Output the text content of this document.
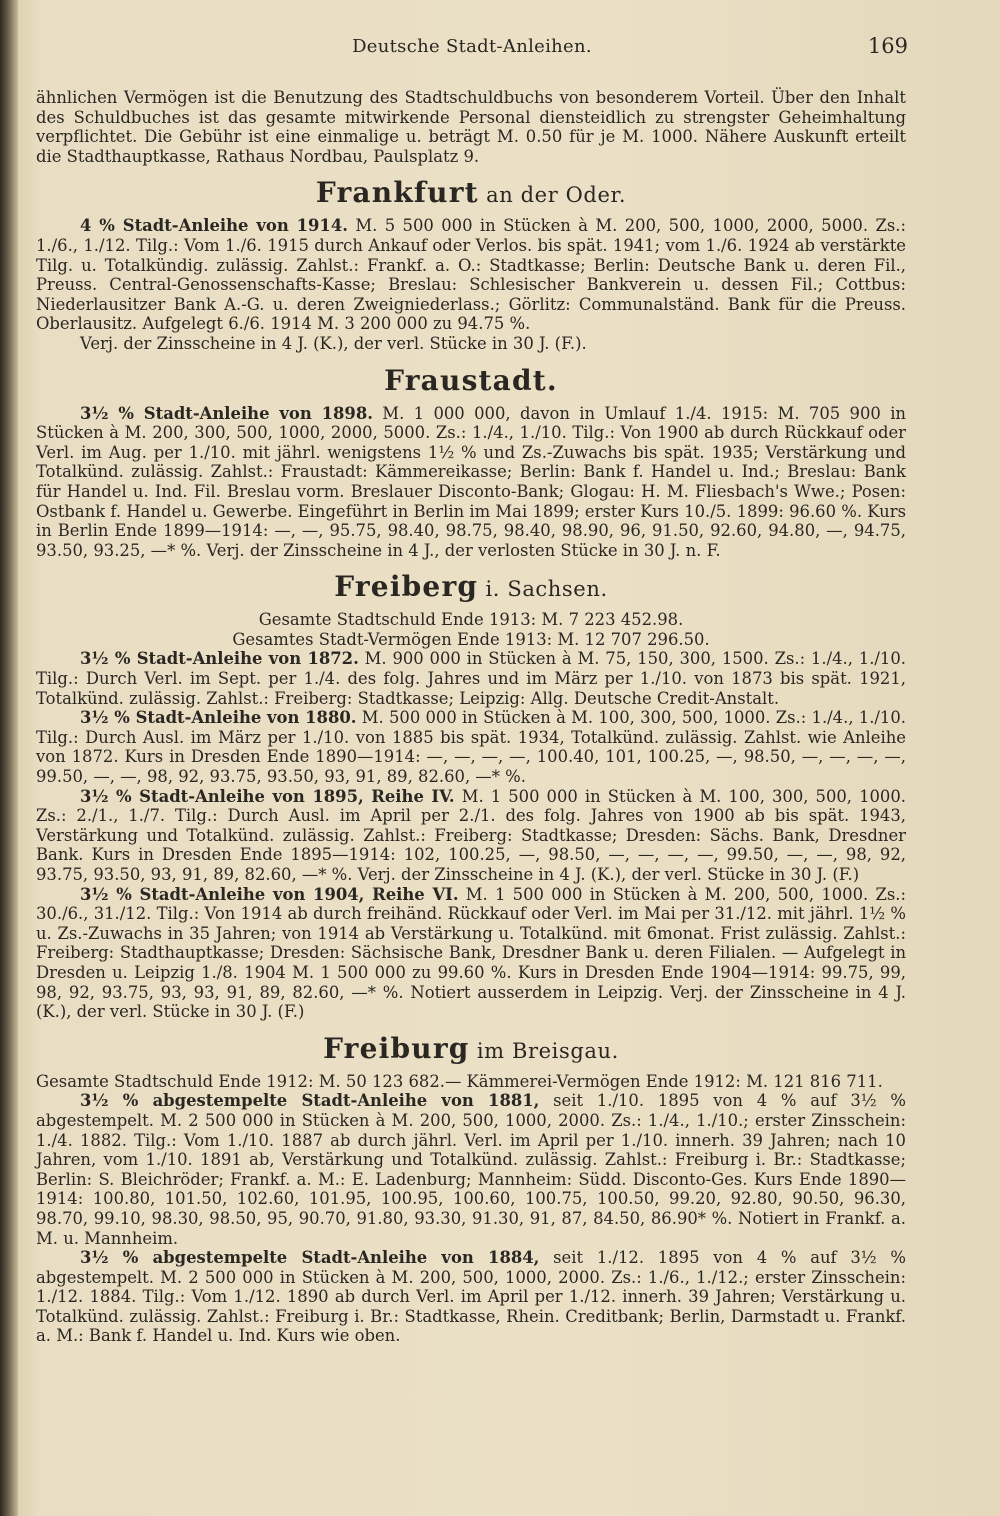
Deutsche Stadt-Anleihen.	169

ähnlichen Vermögen ist die Benutzung des Stadtschuldbuchs von besonderem Vorteil. Über den Inhalt des Schuldbuches ist das gesamte mitwirkende Personal diensteidlich zu strengster Geheimhaltung verpflichtet. Die Gebühr ist eine einmalige u. beträgt M. 0.50 für je M. 1000. Nähere Auskunft erteilt die Stadthauptkasse, Rathaus Nordbau, Paulsplatz 9.

Frankfurt an der Oder.

4 % Stadt-Anleihe von 1914. M. 5 500 000 in Stücken à M. 200, 500, 1000, 2000, 5000. Zs.: 1./6., 1./12. Tilg.: Vom 1./6. 1915 durch Ankauf oder Verlos. bis spät. 1941; vom 1./6. 1924 ab verstärkte Tilg. u. Totalkündig. zulässig. Zahlst.: Frankf. a. O.: Stadtkasse; Berlin: Deutsche Bank u. deren Fil., Preuss. Central-Genossenschafts-Kasse; Breslau: Schlesischer Bankverein u. dessen Fil.; Cottbus: Niederlausitzer Bank A.-G. u. deren Zweigniederlass.; Görlitz: Communalständ. Bank für die Preuss. Oberlausitz. Aufgelegt 6./6. 1914 M. 3 200 000 zu 94.75 %.

Verj. der Zinsscheine in 4 J. (K.), der verl. Stücke in 30 J. (F.).

Fraustadt.

3½ % Stadt-Anleihe von 1898. M. 1 000 000, davon in Umlauf 1./4. 1915: M. 705 900 in Stücken à M. 200, 300, 500, 1000, 2000, 5000. Zs.: 1./4., 1./10. Tilg.: Von 1900 ab durch Rückkauf oder Verl. im Aug. per 1./10. mit jährl. wenigstens 1½ % und Zs.-Zuwachs bis spät. 1935; Verstärkung und Totalkünd. zulässig. Zahlst.: Fraustadt: Kämmereikasse; Berlin: Bank f. Handel u. Ind.; Breslau: Bank für Handel u. Ind. Fil. Breslau vorm. Breslauer Disconto-Bank; Glogau: H. M. Fliesbach's Wwe.; Posen: Ostbank f. Handel u. Gewerbe. Eingeführt in Berlin im Mai 1899; erster Kurs 10./5. 1899: 96.60 %. Kurs in Berlin Ende 1899—1914: —, —, 95.75, 98.40, 98.75, 98.40, 98.90, 96, 91.50, 92.60, 94.80, —, 94.75, 93.50, 93.25, —* %. Verj. der Zinsscheine in 4 J., der verlosten Stücke in 30 J. n. F.

Freiberg i. Sachsen.

Gesamte Stadtschuld Ende 1913: M. 7 223 452.98.

Gesamtes Stadt-Vermögen Ende 1913: M. 12 707 296.50.

3½ % Stadt-Anleihe von 1872. M. 900 000 in Stücken à M. 75, 150, 300, 1500. Zs.: 1./4., 1./10. Tilg.: Durch Verl. im Sept. per 1./4. des folg. Jahres und im März per 1./10. von 1873 bis spät. 1921, Totalkünd. zulässig. Zahlst.: Freiberg: Stadtkasse; Leipzig: Allg. Deutsche Credit-Anstalt.

3½ % Stadt-Anleihe von 1880. M. 500 000 in Stücken à M. 100, 300, 500, 1000. Zs.: 1./4., 1./10. Tilg.: Durch Ausl. im März per 1./10. von 1885 bis spät. 1934, Totalkünd. zulässig. Zahlst. wie Anleihe von 1872. Kurs in Dresden Ende 1890—1914: —, —, —, —, 100.40, 101, 100.25, —, 98.50, —, —, —, —, 99.50, —, —, 98, 92, 93.75, 93.50, 93, 91, 89, 82.60, —* %.

3½ % Stadt-Anleihe von 1895, Reihe IV. M. 1 500 000 in Stücken à M. 100, 300, 500, 1000. Zs.: 2./1., 1./7. Tilg.: Durch Ausl. im April per 2./1. des folg. Jahres von 1900 ab bis spät. 1943, Verstärkung und Totalkünd. zulässig. Zahlst.: Freiberg: Stadtkasse; Dresden: Sächs. Bank, Dresdner Bank. Kurs in Dresden Ende 1895—1914: 102, 100.25, —, 98.50, —, —, —, —, 99.50, —, —, 98, 92, 93.75, 93.50, 93, 91, 89, 82.60, —* %. Verj. der Zinsscheine in 4 J. (K.), der verl. Stücke in 30 J. (F.)

3½ % Stadt-Anleihe von 1904, Reihe VI. M. 1 500 000 in Stücken à M. 200, 500, 1000. Zs.: 30./6., 31./12. Tilg.: Von 1914 ab durch freihänd. Rückkauf oder Verl. im Mai per 31./12. mit jährl. 1½ % u. Zs.-Zuwachs in 35 Jahren; von 1914 ab Verstärkung u. Totalkünd. mit 6monat. Frist zulässig. Zahlst.: Freiberg: Stadthauptkasse; Dresden: Sächsische Bank, Dresdner Bank u. deren Filialen. — Aufgelegt in Dresden u. Leipzig 1./8. 1904 M. 1 500 000 zu 99.60 %. Kurs in Dresden Ende 1904—1914: 99.75, 99, 98, 92, 93.75, 93, 93, 91, 89, 82.60, —* %. Notiert ausserdem in Leipzig. Verj. der Zinsscheine in 4 J. (K.), der verl. Stücke in 30 J. (F.)

Freiburg im Breisgau.

Gesamte Stadtschuld Ende 1912: M. 50 123 682.— Kämmerei-Vermögen Ende 1912: M. 121 816 711.

3½ % abgestempelte Stadt-Anleihe von 1881, seit 1./10. 1895 von 4 % auf 3½ % abgestempelt. M. 2 500 000 in Stücken à M. 200, 500, 1000, 2000. Zs.: 1./4., 1./10.; erster Zinsschein: 1./4. 1882. Tilg.: Vom 1./10. 1887 ab durch jährl. Verl. im April per 1./10. innerh. 39 Jahren; nach 10 Jahren, vom 1./10. 1891 ab, Verstärkung und Totalkünd. zulässig. Zahlst.: Freiburg i. Br.: Stadtkasse; Berlin: S. Bleichröder; Frankf. a. M.: E. Ladenburg; Mannheim: Südd. Disconto-Ges. Kurs Ende 1890—1914: 100.80, 101.50, 102.60, 101.95, 100.95, 100.60, 100.75, 100.50, 99.20, 92.80, 90.50, 96.30, 98.70, 99.10, 98.30, 98.50, 95, 90.70, 91.80, 93.30, 91.30, 91, 87, 84.50, 86.90* %. Notiert in Frankf. a. M. u. Mannheim.

3½ % abgestempelte Stadt-Anleihe von 1884, seit 1./12. 1895 von 4 % auf 3½ % abgestempelt. M. 2 500 000 in Stücken à M. 200, 500, 1000, 2000. Zs.: 1./6., 1./12.; erster Zinsschein: 1./12. 1884. Tilg.: Vom 1./12. 1890 ab durch Verl. im April per 1./12. innerh. 39 Jahren; Verstärkung u. Totalkünd. zulässig. Zahlst.: Freiburg i. Br.: Stadtkasse, Rhein. Creditbank; Berlin, Darmstadt u. Frankf. a. M.: Bank f. Handel u. Ind. Kurs wie oben.
